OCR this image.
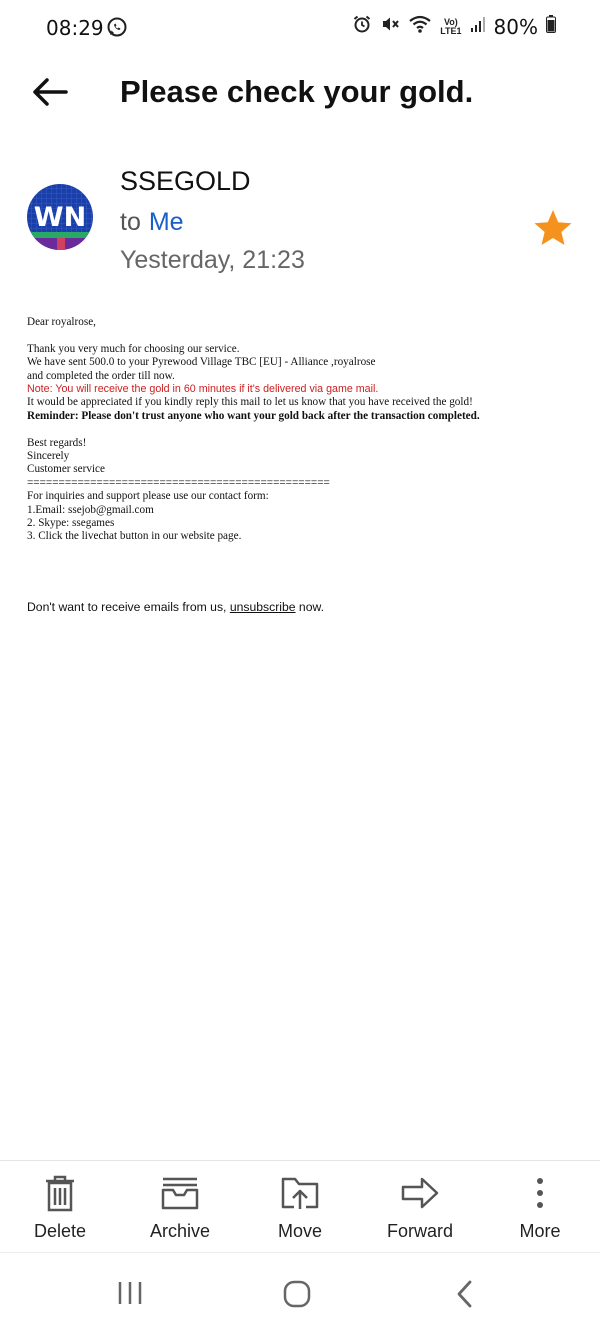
08:29	Vo)
LTE1 80%
Please check your gold.
WN
SSEGOLD
to Me
Yesterday, 21:23

Dear royalrose,

Thank you very much for choosing our service.

We have sent 500.0 to your Pyrewood Village TBC [EU] - Alliance ,royalrose

and completed the order till now.

Note: You will receive the gold in 60 minutes if it's delivered via game mail.

It would be appreciated if you kindly reply this mail to let us know that you have received the gold!

Reminder: Please don't trust anyone who want your gold back after the transaction completed.

Best regards!

Sincerely

Customer service

================================================

For inquiries and support please use our contact form:

1.Email: ssejob@gmail.com

2. Skype: ssegames

3. Click the livechat button in our website page.

Don't want to receive emails from us, unsubscribe now.
Delete	Archive	Move	Forward	More
